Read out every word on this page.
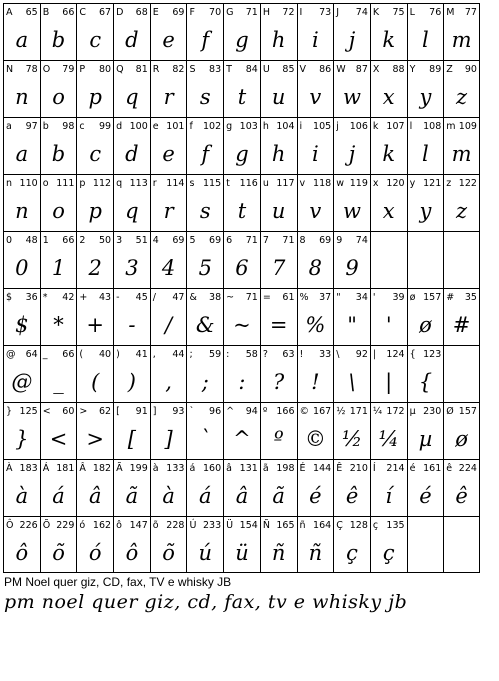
A 65
a
B 66
b
C 67
c
D 68
d
E 69
e
F 70
f
G 71
g
H 72
h
I 73
i
J 74
j
K 75
k
L 76
l
M 77
m
N 78
n
O 79
o
P 80
p
Q 81
q
R 82
r
S 83
s
T 84
t
U 85
u
V 86
v
W 87
w
X 88
x
Y 89
y
Z 90
z
a 97
a
b 98
b
c 99
c
d 100
d
e 101
e
f 102
f
g 103
g
h 104
h
i 105
i
j 106
j
k 107
k
l 108
l
m 109
m
n 110
n
o 111
o
p 112
p
q 113
q
r 114
r
s 115
s
t 116
t
u 117
u
v 118
v
w 119
w
x 120
x
y 121
y
z 122
z
0 48
0
1 66
1
2 50
2
3 51
3
4 69
4
5 69
5
6 71
6
7 71
7
8 69
8
9 74
9
$ 36
$
* 42
*
+ 43
+
- 45
-
/ 47
/
& 38
&
~ 71
~
= 61
=
% 37
%
" 34
"
' 39
'
ø 157
ø
# 35
#
@ 64
@
_ 66
_
( 40
(
) 41
)
, 44
,
; 59
;
: 58
:
? 63
?
! 33
!
\ 92
\
| 124
|
{ 123
{
} 125
}
< 60
<
> 62
>
[ 91
[
] 93
]
` 96
`
^ 94
^
º 166
º
© 167
©
½ 171
½
¼ 172
¼
µ 230
µ
Ø 157
ø
À 183
à
Á 181
á
Â 182
â
Ã 199
ã
à 133
à
á 160
á
â 131
â
ã 198
ã
É 144
é
Ê 210
ê
Í 214
í
é 161
é
ê 224
ê
Ô 226
ô
Õ 229
õ
ó 162
ó
ô 147
ô
õ 228
õ
Ú 233
ú
Ü 154
ü
Ñ 165
ñ
ñ 164
ñ
Ç 128
ç
ç 135
ç
PM Noel quer giz, CD, fax, TV e whisky JB
pm noel quer giz, cd, fax, tv e whisky jb
